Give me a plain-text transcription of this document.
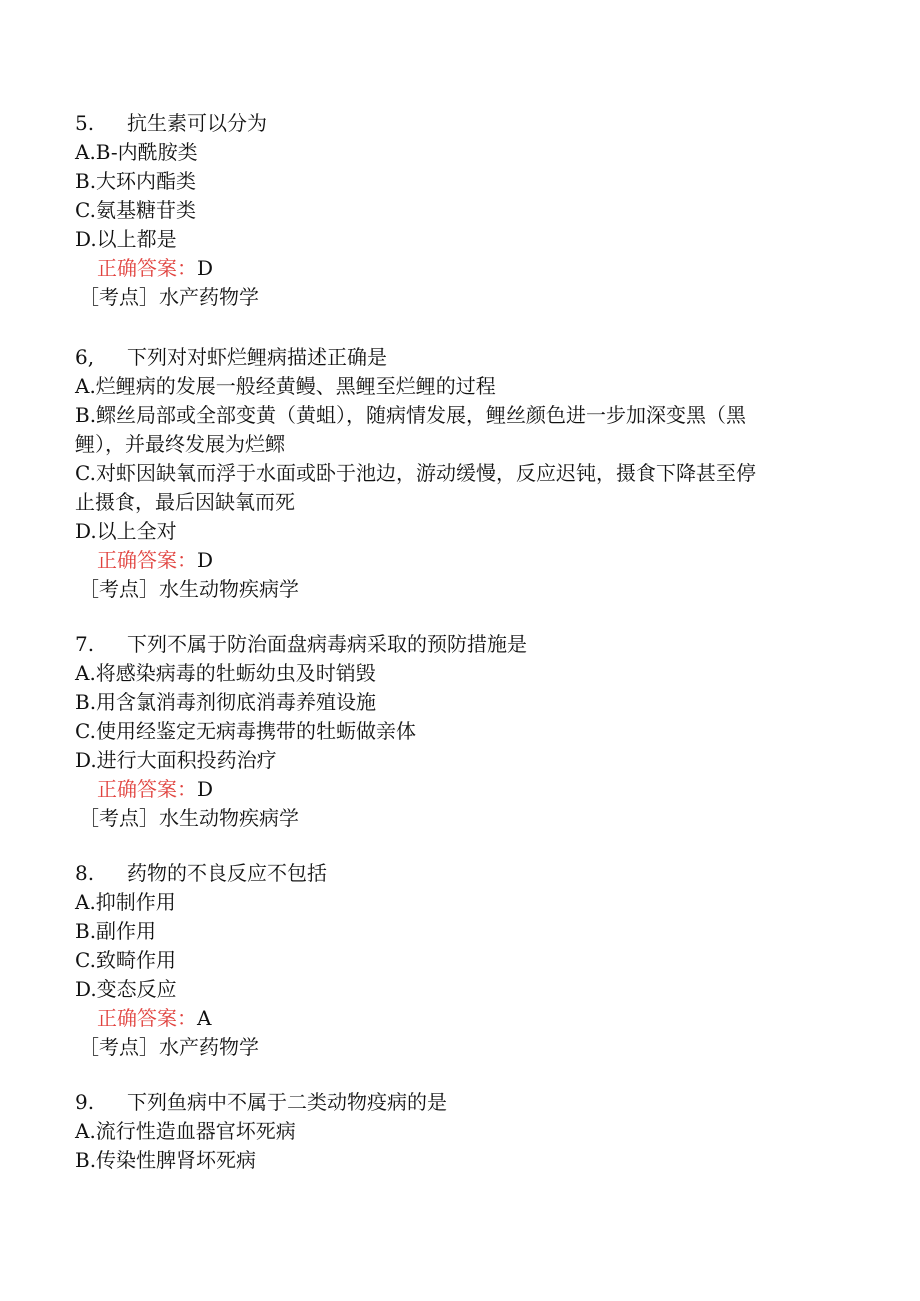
5. 抗生素可以分为
A.B-内酰胺类
B.大环内酯类
C.氨基糖苷类
D.以上都是
正确答案：D
［考点］水产药物学
6, 下列对对虾烂鲤病描述正确是
A.烂鲤病的发展一般经黄鳗、黑鲤至烂鲤的过程
B.鳏丝局部或全部变黄（黄蛆），随病情发展，鲤丝颜色进一步加深变黑（黑
鲤），并最终发展为烂鳏
C.对虾因缺氧而浮于水面或卧于池边，游动缓慢，反应迟钝，摄食下降甚至停
止摄食，最后因缺氧而死
D.以上全对
正确答案：D
［考点］水生动物疾病学
7. 下列不属于防治面盘病毒病采取的预防措施是
A.将感染病毒的牡蛎幼虫及时销毁
B.用含氯消毒剂彻底消毒养殖设施
C.使用经鉴定无病毒携带的牡蛎做亲体
D.进行大面积投药治疗
正确答案：D
［考点］水生动物疾病学
8. 药物的不良反应不包括
A.抑制作用
B.副作用
C.致畸作用
D.变态反应
正确答案：A
［考点］水产药物学
9. 下列鱼病中不属于二类动物疫病的是
A.流行性造血器官坏死病
B.传染性脾肾坏死病
